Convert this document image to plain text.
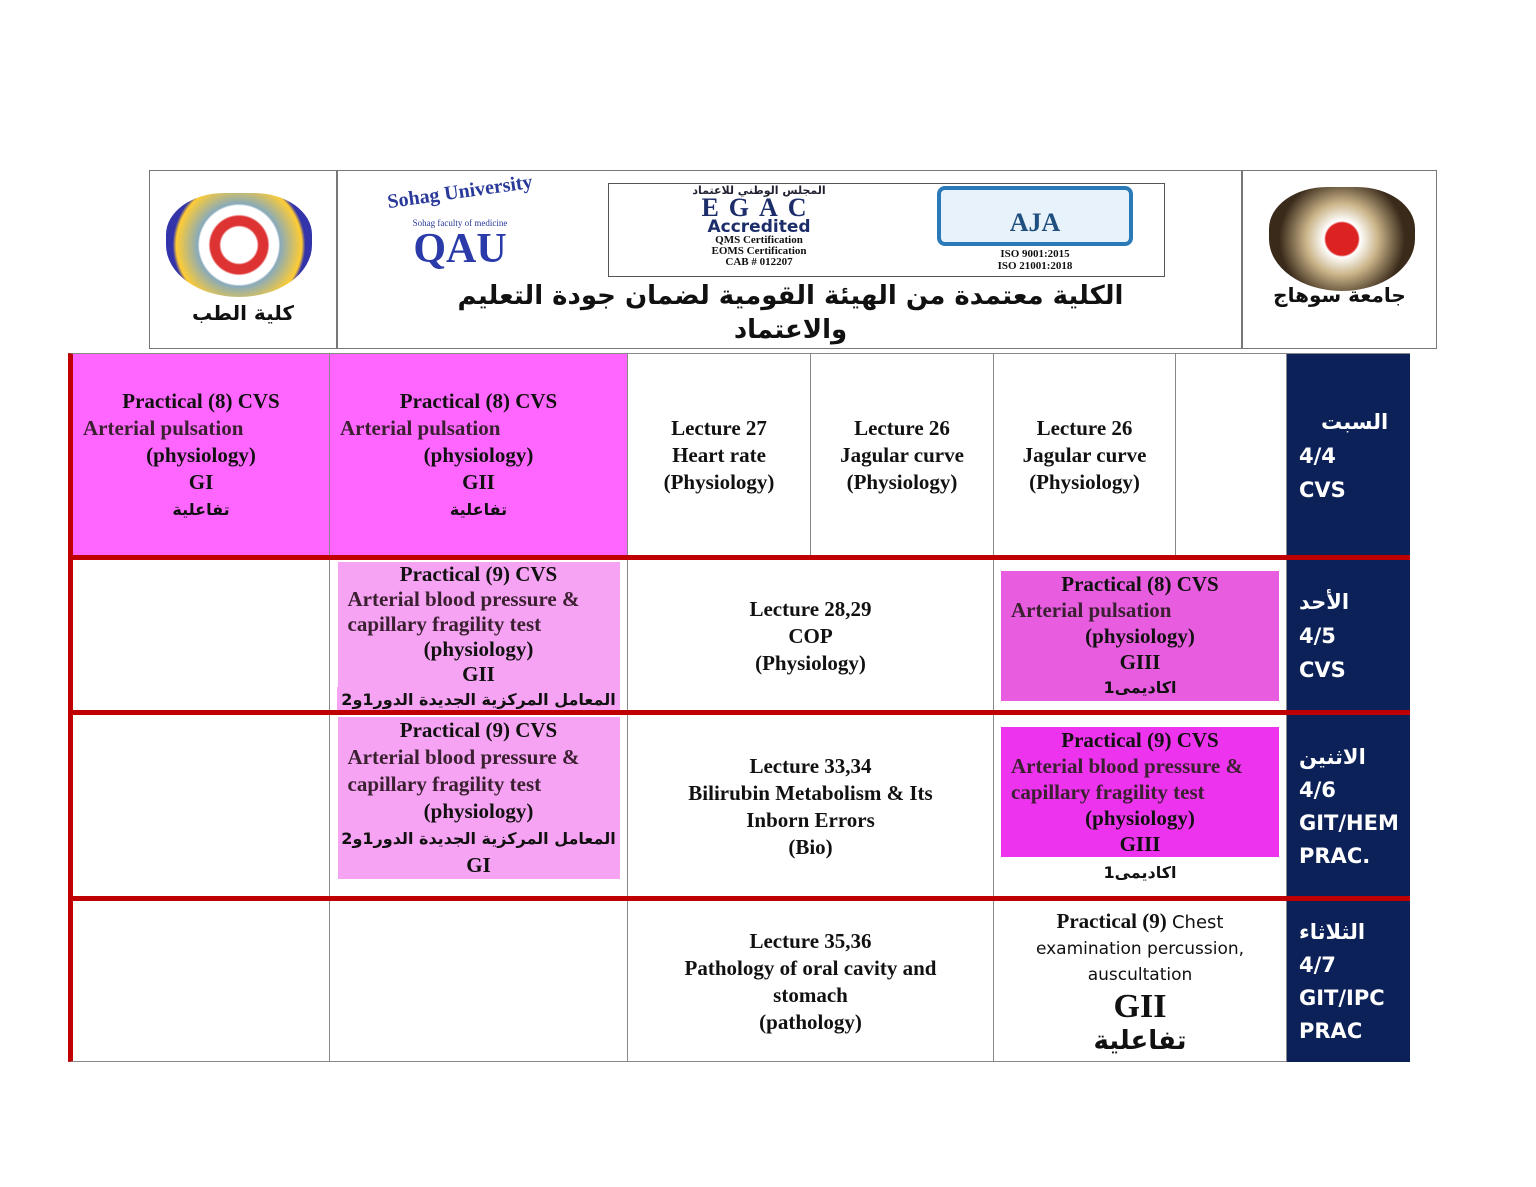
كلية الطب
Sohag University
Sohag faculty of medicine
QAU
المجلس الوطني للاعتماد
EGAC
Accredited
QMS Certification
EOMS Certification
CAB # 012207
AJA
ISO 9001:2015
ISO 21001:2018
الكلية معتمدة من الهيئة القومية لضمان جودة التعليم
والاعتماد
جامعة سوهاج
Practical (8) CVS
Arterial pulsation
(physiology)
GI
تفاعلية
Practical (8) CVS
Arterial pulsation
(physiology)
GII
تفاعلية
Lecture 27
Heart rate
(Physiology)
Lecture 26
Jagular curve
(Physiology)
Lecture 26
Jagular curve
(Physiology)
Practical (9) CVS
Arterial blood pressure &
capillary fragility test
(physiology)
GII
المعامل المركزية الجديدة الدور1و2
Lecture 28,29
COP
(Physiology)
Practical (8) CVS
Arterial pulsation
(physiology)
GIII
اكاديمى1
Practical (9) CVS
Arterial blood pressure &
capillary fragility test
(physiology)
المعامل المركزية الجديدة الدور1و2
GI
Lecture 33,34
Bilirubin Metabolism & Its
Inborn Errors
(Bio)
Practical (9) CVS
Arterial blood pressure &
capillary fragility test
(physiology)
GIII
اكاديمى1
Lecture 35,36
Pathology of oral cavity and
stomach
(pathology)
Practical (9) Chest
examination percussion,
auscultation
GII
تفاعلية
السبت
4/4
CVS
الأحد
4/5
CVS
الاثنين
4/6
GIT/HEM
PRAC.
الثلاثاء
4/7
GIT/IPC
PRAC
